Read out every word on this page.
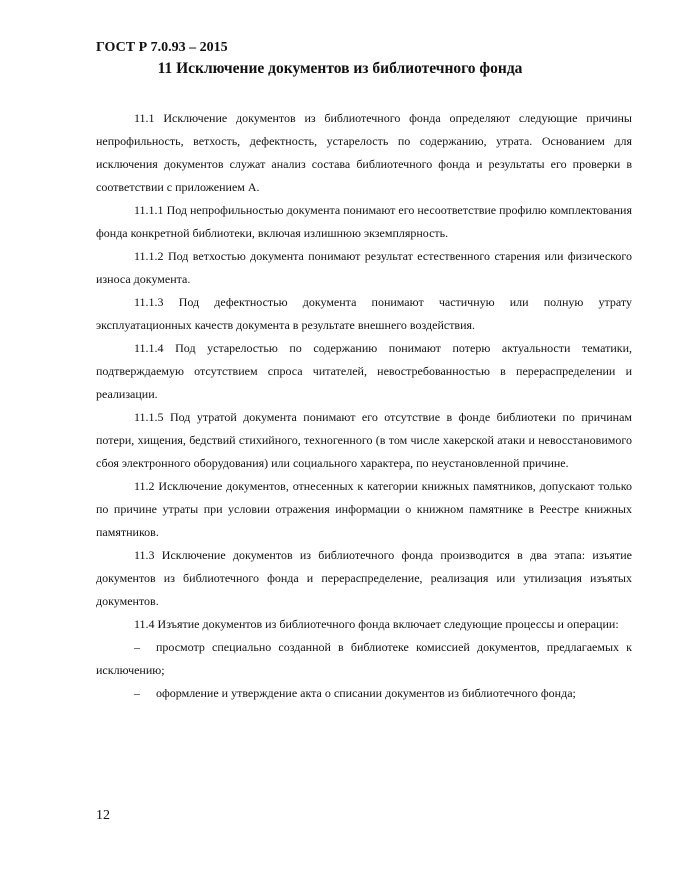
ГОСТ Р 7.0.93 – 2015
11 Исключение документов из библиотечного фонда

11.1 Исключение документов из библиотечного фонда определяют следующие причины непрофильность, ветхость, дефектность, устарелость по содержанию, утрата. Основанием для исключения документов служат анализ состава библиотечного фонда и результаты его проверки в соответствии с приложением А.

11.1.1 Под непрофильностью документа понимают его несоответствие профилю комплектования фонда конкретной библиотеки, включая излишнюю экземплярность.

11.1.2 Под ветхостью документа понимают результат естественного старения или физического износа документа.

11.1.3 Под дефектностью документа понимают частичную или полную утрату эксплуатационных качеств документа в результате внешнего воздействия.

11.1.4 Под устарелостью по содержанию понимают потерю актуальности тематики, подтверждаемую отсутствием спроса читателей, невостребованностью в перераспределении и реализации.

11.1.5 Под утратой документа понимают его отсутствие в фонде библиотеки по причинам потери, хищения, бедствий стихийного, техногенного (в том числе хакерской атаки и невосстановимого сбоя электронного оборудования) или социального характера, по неустановленной причине.

11.2 Исключение документов, отнесенных к категории книжных памятников, допускают только по причине утраты при условии отражения информации о книжном памятнике в Реестре книжных памятников.

11.3 Исключение документов из библиотечного фонда производится в два этапа: изъятие документов из библиотечного фонда и перераспределение, реализация или утилизация изъятых документов.

11.4 Изъятие документов из библиотечного фонда включает следующие процессы и операции:

– просмотр специально созданной в библиотеке комиссией документов, предлагаемых к исключению;

– оформление и утверждение акта о списании документов из библиотечного фонда;

12
